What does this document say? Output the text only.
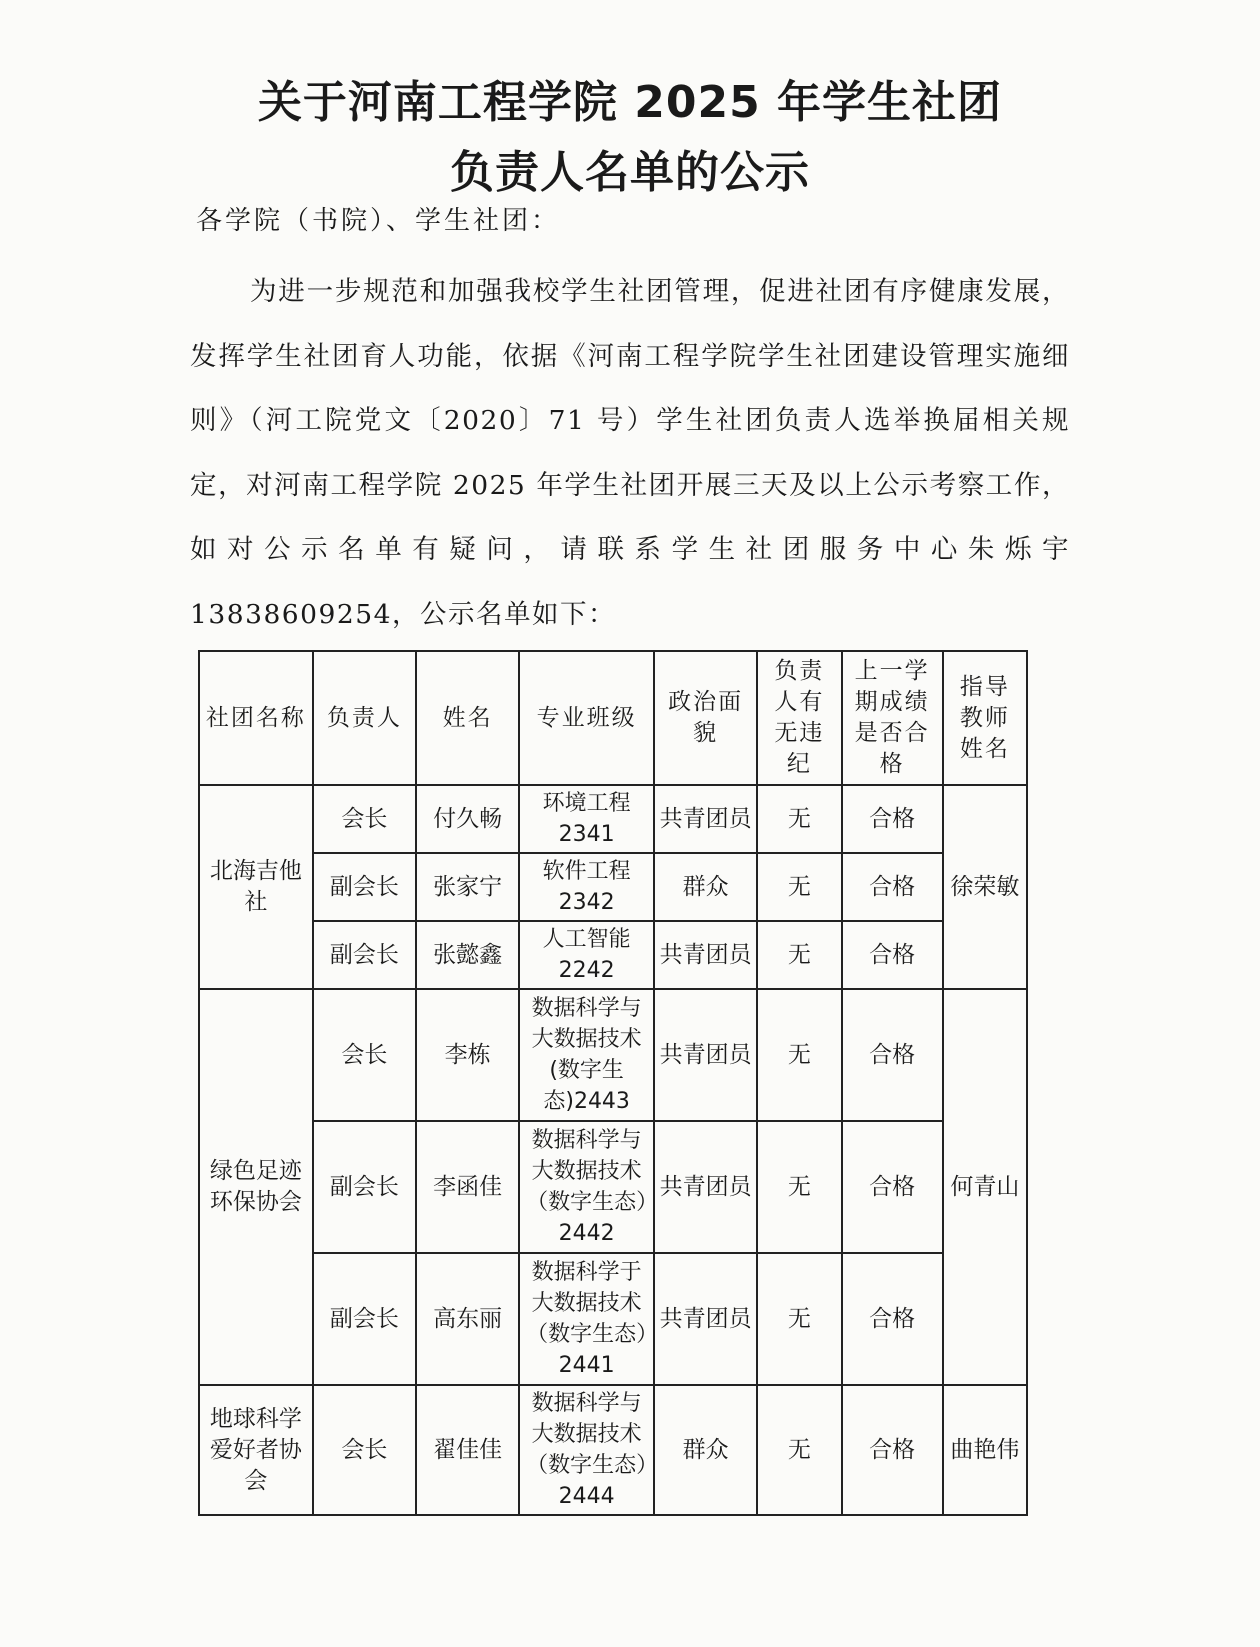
关于河南工程学院 2025 年学生社团
负责人名单的公示
各学院（书院）、学生社团：

为进一步规范和加强我校学生社团管理，促进社团有序健康发展，发挥学生社团育人功能，依据《河南工程学院学生社团建设管理实施细则》（河工院党文〔2020〕71 号）学生社团负责人选举换届相关规定，对河南工程学院 2025 年学生社团开展三天及以上公示考察工作，如对公示名单有疑问，请联系学生社团服务中心朱烁宇 13838609254，公示名单如下：

社团名称	负责人	姓名	专业班级	政治面貌	负责人有无违纪	上一学期成绩是否合格	指导教师姓名
北海吉他社	会长	付久畅	环境工程2341	共青团员	无	合格	徐荣敏
	副会长	张家宁	软件工程2342	群众	无	合格	
	副会长	张懿鑫	人工智能2242	共青团员	无	合格	
绿色足迹环保协会	会长	李栋	数据科学与大数据技术(数字生态)2443	共青团员	无	合格	何青山
	副会长	李函佳	数据科学与大数据技术（数字生态）2442	共青团员	无	合格	
	副会长	高东丽	数据科学于大数据技术（数字生态）2441	共青团员	无	合格	
地球科学爱好者协会	会长	翟佳佳	数据科学与大数据技术（数字生态）2444	群众	无	合格	曲艳伟
